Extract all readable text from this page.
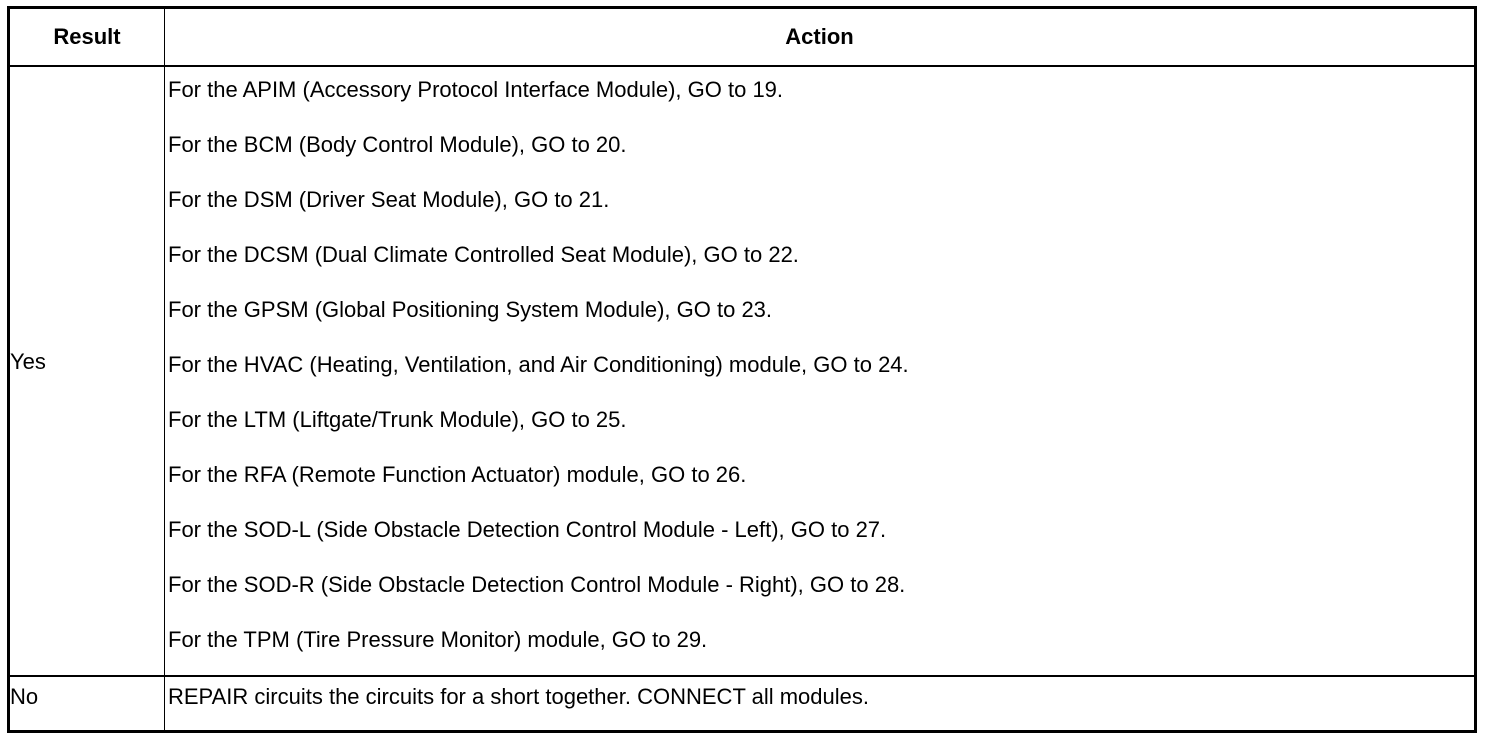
Result	Action
Yes
For the APIM (Accessory Protocol Interface Module), GO to 19.
For the BCM (Body Control Module), GO to 20.
For the DSM (Driver Seat Module), GO to 21.
For the DCSM (Dual Climate Controlled Seat Module), GO to 22.
For the GPSM (Global Positioning System Module), GO to 23.
For the HVAC (Heating, Ventilation, and Air Conditioning) module, GO to 24.
For the LTM (Liftgate/Trunk Module), GO to 25.
For the RFA (Remote Function Actuator) module, GO to 26.
For the SOD-L (Side Obstacle Detection Control Module - Left), GO to 27.
For the SOD-R (Side Obstacle Detection Control Module - Right), GO to 28.
For the TPM (Tire Pressure Monitor) module, GO to 29.
No	REPAIR circuits the circuits for a short together. CONNECT all modules.
